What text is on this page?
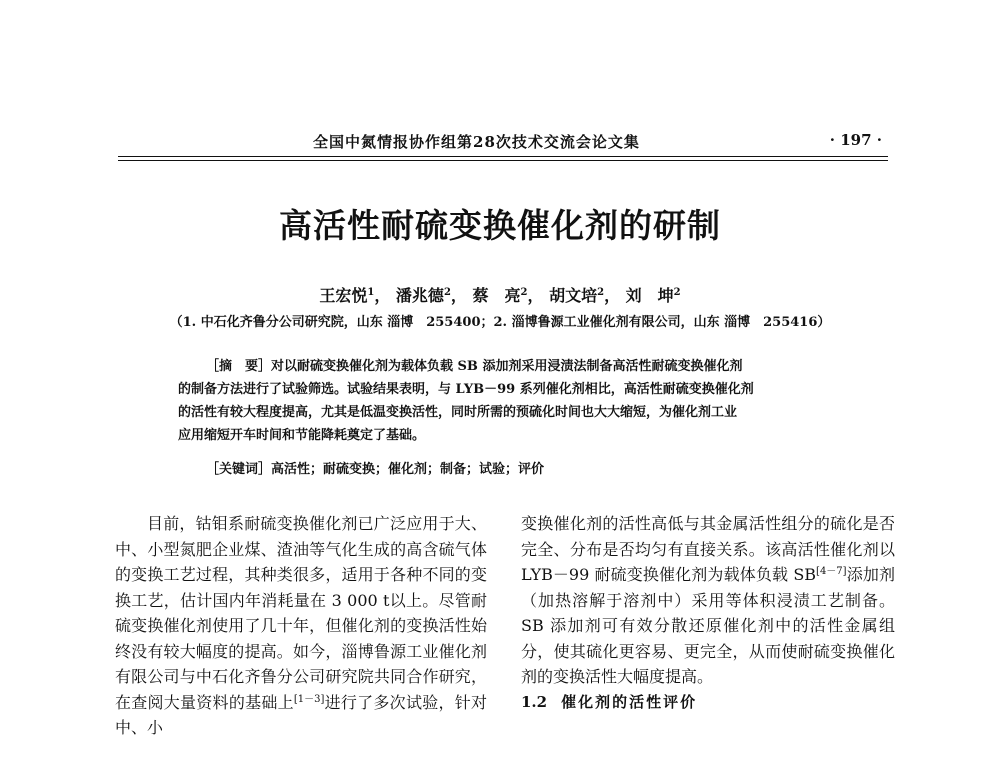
全国中氮情报协作组第28次技术交流会论文集	· 197 ·
高活性耐硫变换催化剂的研制
王宏悦$^1$， 潘兆德$^2$， 蔡　亮$^2$， 胡文培$^2$， 刘　坤$^2$
（1. 中石化齐鲁分公司研究院，山东 淄博　255400；2. 淄博鲁源工业催化剂有限公司，山东 淄博　255416）
［摘　要］对以耐硫变换催化剂为载体负载 SB 添加剂采用浸渍法制备高活性耐硫变换催化剂
的制备方法进行了试验筛选。试验结果表明，与 LYB－99 系列催化剂相比，高活性耐硫变换催化剂
的活性有较大程度提高，尤其是低温变换活性，同时所需的预硫化时间也大大缩短，为催化剂工业
应用缩短开车时间和节能降耗奠定了基础。
［关键词］高活性；耐硫变换；催化剂；制备；试验；评价

目前，钴钼系耐硫变换催化剂已广泛应用于大、中、小型氮肥企业煤、渣油等气化生成的高含硫气体的变换工艺过程，其种类很多，适用于各种不同的变换工艺，估计国内年消耗量在 3 000 t以上。尽管耐硫变换催化剂使用了几十年，但催化剂的变换活性始终没有较大幅度的提高。如今，淄博鲁源工业催化剂有限公司与中石化齐鲁分公司研究院共同合作研究，在查阅大量资料的基础上[1－3]进行了多次试验，针对中、小

变换催化剂的活性高低与其金属活性组分的硫化是否完全、分布是否均匀有直接关系。该高活性催化剂以 LYB－99 耐硫变换催化剂为载体负载 SB[4－7]添加剂（加热溶解于溶剂中）采用等体积浸渍工艺制备。SB 添加剂可有效分散还原催化剂中的活性金属组分，使其硫化更容易、更完全，从而使耐硫变换催化剂的变换活性大幅度提高。

1.2 催化剂的活性评价
